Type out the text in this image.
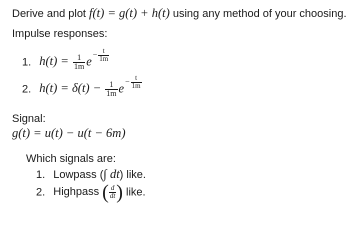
Derive and plot f(t) = g(t) + h(t) using any method of your choosing.
Impulse responses:
1. $h(t) = \frac{1}{1m} e- \frac{t}{1m}$
2. $h(t) = \delta(t) - \frac{1}{1m} e- \frac{t}{1m}$
Signal:
g(t) = u(t) − u(t − 6m)
Which signals are:
1. Lowpass (∫ dt) like.
2. Highpass ( $\frac{d}{dt}$ ) like.
